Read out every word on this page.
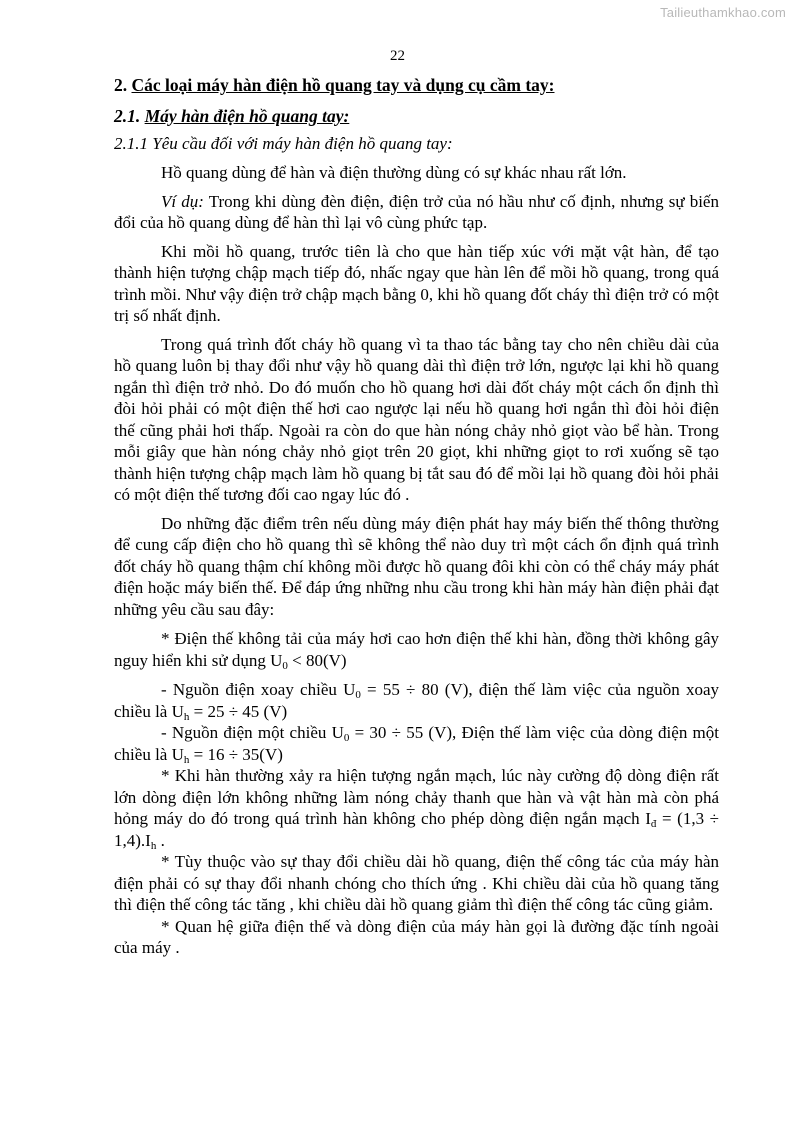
Tailieuthamkhao.com
22
2. Các loại máy hàn điện hồ quang tay và dụng cụ cầm tay:
2.1. Máy hàn điện hồ quang tay:
2.1.1 Yêu cầu đối với máy hàn điện hồ quang tay:

Hồ quang dùng để hàn và điện thường dùng có sự khác nhau rất lớn.

Ví dụ: Trong khi dùng đèn điện, điện trở của nó hầu như cố định, nhưng sự biến đổi của hồ quang dùng để hàn thì lại vô cùng phức tạp.

Khi mồi hồ quang, trước tiên là cho que hàn tiếp xúc với mặt vật hàn, để tạo thành hiện tượng chập mạch tiếp đó, nhấc ngay que hàn lên để mồi hồ quang, trong quá trình mồi. Như vậy điện trở chập mạch bằng 0, khi hồ quang đốt cháy thì điện trở có một trị số nhất định.

Trong quá trình đốt cháy hồ quang vì ta thao tác bằng tay cho nên chiều dài của hồ quang luôn bị thay đổi như vậy hồ quang dài thì điện trở lớn, ngược lại khi hồ quang ngắn thì điện trở nhỏ. Do đó muốn cho hồ quang hơi dài đốt cháy một cách ổn định thì đòi hỏi phải có một điện thế hơi cao ngược lại nếu hồ quang hơi ngắn thì đòi hỏi điện thế cũng phải hơi thấp. Ngoài ra còn do que hàn nóng chảy nhỏ giọt vào bể hàn. Trong mỗi giây que hàn nóng chảy nhỏ giọt trên 20 giọt, khi những giọt to rơi xuống sẽ tạo thành hiện tượng chập mạch làm hồ quang bị tắt sau đó để mồi lại hồ quang đòi hỏi phải có một điện thế tương đối cao ngay lúc đó .

Do những đặc điểm trên nếu dùng máy điện phát hay máy biến thế thông thường để cung cấp điện cho hồ quang thì sẽ không thể nào duy trì một cách ổn định quá trình đốt cháy hồ quang thậm chí không mồi được hồ quang đôi khi còn có thể cháy máy phát điện hoặc máy biến thế. Để đáp ứng những nhu cầu trong khi hàn máy hàn điện phải đạt những yêu cầu sau đây:

* Điện thế không tải của máy hơi cao hơn điện thế khi hàn, đồng thời không gây nguy hiển khi sử dụng $U_0 < 80(V)$

- Nguồn điện xoay chiều $U_0 = 55 \div 80$ (V), điện thế làm việc của nguồn xoay chiều là $U_h = 25 \div 45$ (V)

- Nguồn điện một chiều $U_0 = 30 \div 55$ (V), Điện thế làm việc của dòng điện một chiều là $U_h = 16 \div 35(V)$

* Khi hàn thường xảy ra hiện tượng ngắn mạch, lúc này cường độ dòng điện rất lớn dòng điện lớn không những làm nóng chảy thanh que hàn và vật hàn mà còn phá hỏng máy do đó trong quá trình hàn không cho phép dòng điện ngắn mạch $I_đ = (1,3 \div 1,4).I_h$ .

* Tùy thuộc vào sự thay đổi chiều dài hồ quang, điện thế công tác của máy hàn điện phải có sự thay đổi nhanh chóng cho thích ứng . Khi chiều dài của hồ quang tăng thì điện thế công tác tăng , khi chiều dài hồ quang giảm thì điện thế công tác cũng giảm.

* Quan hệ giữa điện thế và dòng điện của máy hàn gọi là đường đặc tính ngoài của máy .
